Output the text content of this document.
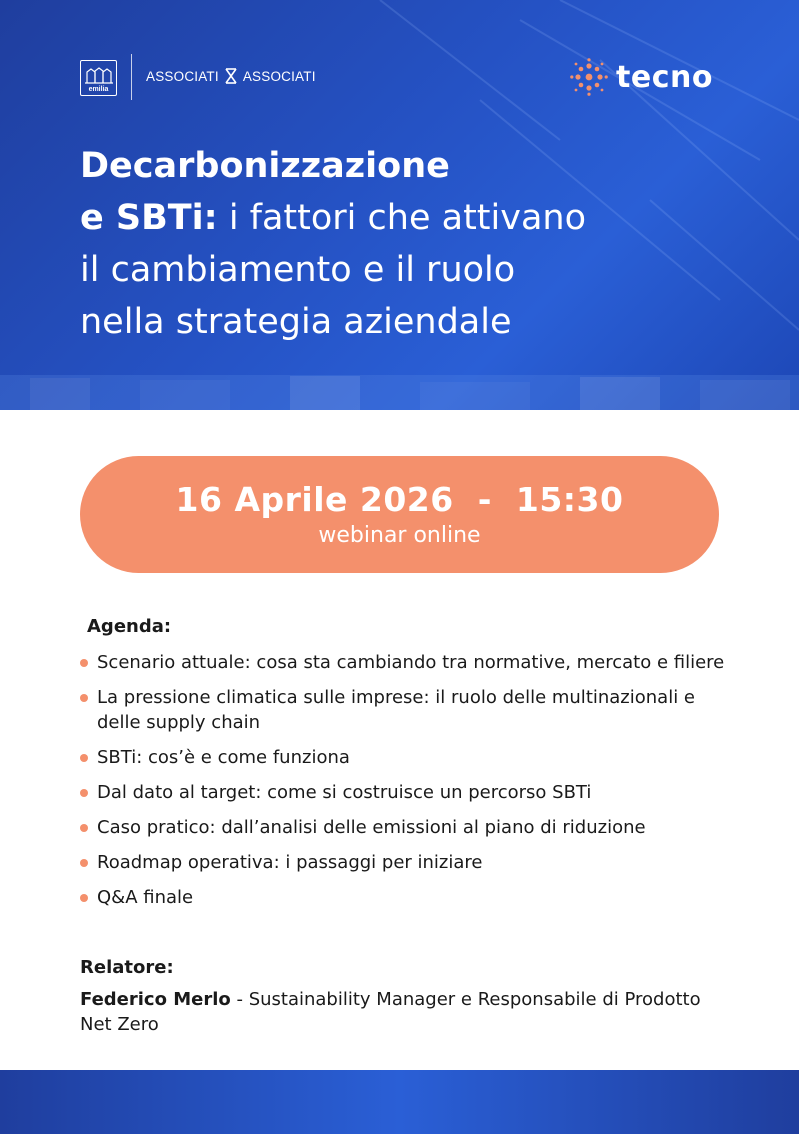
emilia
ASSOCIATI ASSOCIATI	tecno
Decarbonizzazione
e SBTi: i fattori che attivano
il cambiamento e il ruolo
nella strategia aziendale
16 Aprile 2026  -  15:30
webinar online
Agenda:
Scenario attuale: cosa sta cambiando tra normative, mercato e filiere
La pressione climatica sulle imprese: il ruolo delle multinazionali e delle supply chain
SBTi: cos’è e come funziona
Dal dato al target: come si costruisce un percorso SBTi
Caso pratico: dall’analisi delle emissioni al piano di riduzione
Roadmap operativa: i passaggi per iniziare
Q&A finale
Relatore:

Federico Merlo - Sustainability Manager e Responsabile di Prodotto Net Zero
